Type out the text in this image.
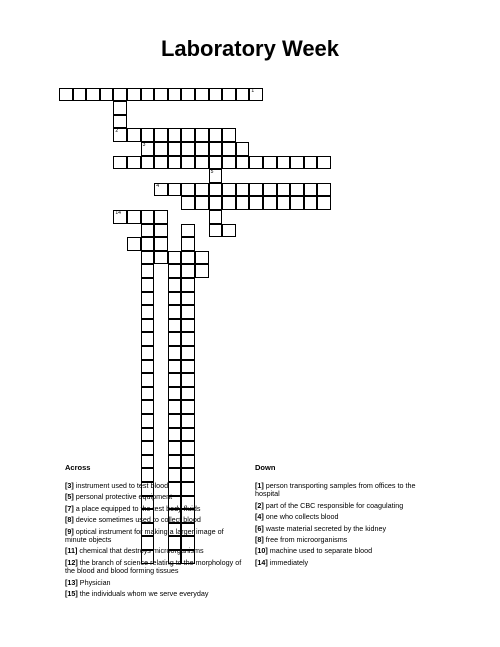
Laboratory Week
1
2
3
5
4
14
Across	Down
[3] instrument used to test blood
[5] personal protective equipment
[7] a place equipped to the test body fluids
[8] device sometimes used to collect blood
[9] optical instrument for making a larger image of minute objects
[11] chemical that destroys microorganisms
[12] the branch of science relating to the morphology of the blood and blood forming tissues
[13] Physician
[15] the individuals whom we serve everyday
[1] person transporting samples from offices to the hospital
[2] part of the CBC responsible for coagulating
[4] one who collects blood
[6] waste material secreted by the kidney
[8] free from microorganisms
[10] machine used to separate blood
[14] immediately
